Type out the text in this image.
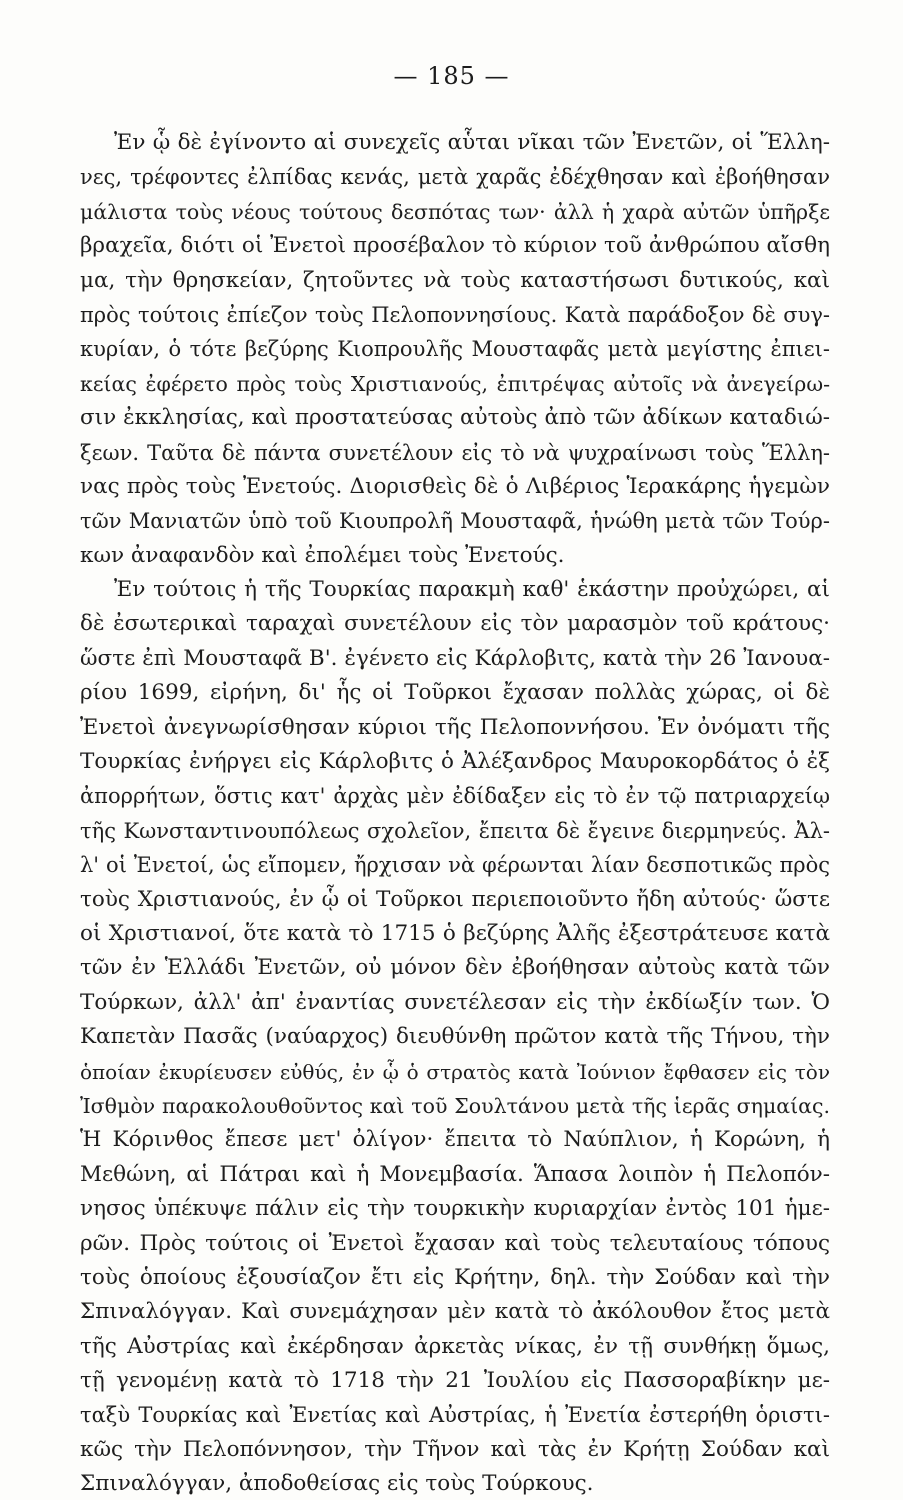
— 185 —
Ἐν ᾧ δὲ ἐγίνοντο αἱ συνεχεῖς αὗται νῖκαι τῶν Ἐνετῶν, οἱ Ἕλλη-
νες, τρέφοντες ἐλπίδας κενάς, μετὰ χαρᾶς ἐδέχθησαν καὶ ἐβοήθησαν
μάλιστα τοὺς νέους τούτους δεσπότας των· ἀλλ ἡ χαρὰ αὐτῶν ὑπῆρξε
βραχεῖα, διότι οἱ Ἐνετοὶ προσέβαλον τὸ κύριον τοῦ ἀνθρώπου αἴσθη
μα, τὴν θρησκείαν, ζητοῦντες νὰ τοὺς καταστήσωσι δυτικούς, καὶ
πρὸς τούτοις ἐπίεζον τοὺς Πελοποννησίους. Κατὰ παράδοξον δὲ συγ-
κυρίαν, ὁ τότε βεζύρης Κιοπρουλῆς Μουσταφᾶς μετὰ μεγίστης ἐπιει-
κείας ἐφέρετο πρὸς τοὺς Χριστιανούς, ἐπιτρέψας αὐτοῖς νὰ ἀνεγείρω-
σιν ἐκκλησίας, καὶ προστατεύσας αὐτοὺς ἀπὸ τῶν ἀδίκων καταδιώ-
ξεων. Ταῦτα δὲ πάντα συνετέλουν εἰς τὸ νὰ ψυχραίνωσι τοὺς Ἕλλη-
νας πρὸς τοὺς Ἐνετούς. Διορισθεὶς δὲ ὁ Λιβέριος Ἱερακάρης ἡγεμὼν
τῶν Μανιατῶν ὑπὸ τοῦ Κιουπρολῆ Μουσταφᾶ, ἡνώθη μετὰ τῶν Τούρ-
κων ἀναφανδὸν καὶ ἐπολέμει τοὺς Ἐνετούς.
Ἐν τούτοις ἡ τῆς Τουρκίας παρακμὴ καθ' ἑκάστην προὐχώρει, αἱ
δὲ ἐσωτερικαὶ ταραχαὶ συνετέλουν εἰς τὸν μαρασμὸν τοῦ κράτους·
ὥστε ἐπὶ Μουσταφᾶ Β'. ἐγένετο εἰς Κάρλοβιτς, κατὰ τὴν 26 Ἰανουα-
ρίου 1699, εἰρήνη, δι' ἧς οἱ Τοῦρκοι ἔχασαν πολλὰς χώρας, οἱ δὲ
Ἐνετοὶ ἀνεγνωρίσθησαν κύριοι τῆς Πελοποννήσου. Ἐν ὀνόματι τῆς
Τουρκίας ἐνήργει εἰς Κάρλοβιτς ὁ Ἀλέξανδρος Μαυροκορδάτος ὁ ἐξ
ἀπορρήτων, ὅστις κατ' ἀρχὰς μὲν ἐδίδαξεν εἰς τὸ ἐν τῷ πατριαρχείῳ
τῆς Κωνσταντινουπόλεως σχολεῖον, ἔπειτα δὲ ἔγεινε διερμηνεύς. Ἀλ-
λ' οἱ Ἐνετοί, ὡς εἴπομεν, ἤρχισαν νὰ φέρωνται λίαν δεσποτικῶς πρὸς
τοὺς Χριστιανούς, ἐν ᾧ οἱ Τοῦρκοι περιεποιοῦντο ἤδη αὐτούς· ὥστε
οἱ Χριστιανοί, ὅτε κατὰ τὸ 1715 ὁ βεζύρης Ἀλῆς ἐξεστράτευσε κατὰ
τῶν ἐν Ἑλλάδι Ἐνετῶν, οὐ μόνον δὲν ἐβοήθησαν αὐτοὺς κατὰ τῶν
Τούρκων, ἀλλ' ἀπ' ἐναντίας συνετέλεσαν εἰς τὴν ἐκδίωξίν των. Ὁ
Καπετὰν Πασᾶς (ναύαρχος) διευθύνθη πρῶτον κατὰ τῆς Τήνου, τὴν
ὁποίαν ἐκυρίευσεν εὐθύς, ἐν ᾧ ὁ στρατὸς κατὰ Ἰούνιον ἔφθασεν εἰς τὸν
Ἰσθμὸν παρακολουθοῦντος καὶ τοῦ Σουλτάνου μετὰ τῆς ἱερᾶς σημαίας.
Ἡ Κόρινθος ἔπεσε μετ' ὀλίγον· ἔπειτα τὸ Ναύπλιον, ἡ Κορώνη, ἡ
Μεθώνη, αἱ Πάτραι καὶ ἡ Μονεμβασία. Ἅπασα λοιπὸν ἡ Πελοπόν-
νησος ὑπέκυψε πάλιν εἰς τὴν τουρκικὴν κυριαρχίαν ἐντὸς 101 ἡμε-
ρῶν. Πρὸς τούτοις οἱ Ἐνετοὶ ἔχασαν καὶ τοὺς τελευταίους τόπους
τοὺς ὁποίους ἐξουσίαζον ἔτι εἰς Κρήτην, δηλ. τὴν Σούδαν καὶ τὴν
Σπιναλόγγαν. Καὶ συνεμάχησαν μὲν κατὰ τὸ ἀκόλουθον ἔτος μετὰ
τῆς Αὐστρίας καὶ ἐκέρδησαν ἀρκετὰς νίκας, ἐν τῇ συνθήκῃ ὅμως,
τῇ γενομένῃ κατὰ τὸ 1718 τὴν 21 Ἰουλίου εἰς Πασσοραβίκην με-
ταξὺ Τουρκίας καὶ Ἐνετίας καὶ Αὐστρίας, ἡ Ἐνετία ἐστερήθη ὁριστι-
κῶς τὴν Πελοπόννησον, τὴν Τῆνον καὶ τὰς ἐν Κρήτῃ Σούδαν καὶ
Σπιναλόγγαν, ἀποδοθείσας εἰς τοὺς Τούρκους.
